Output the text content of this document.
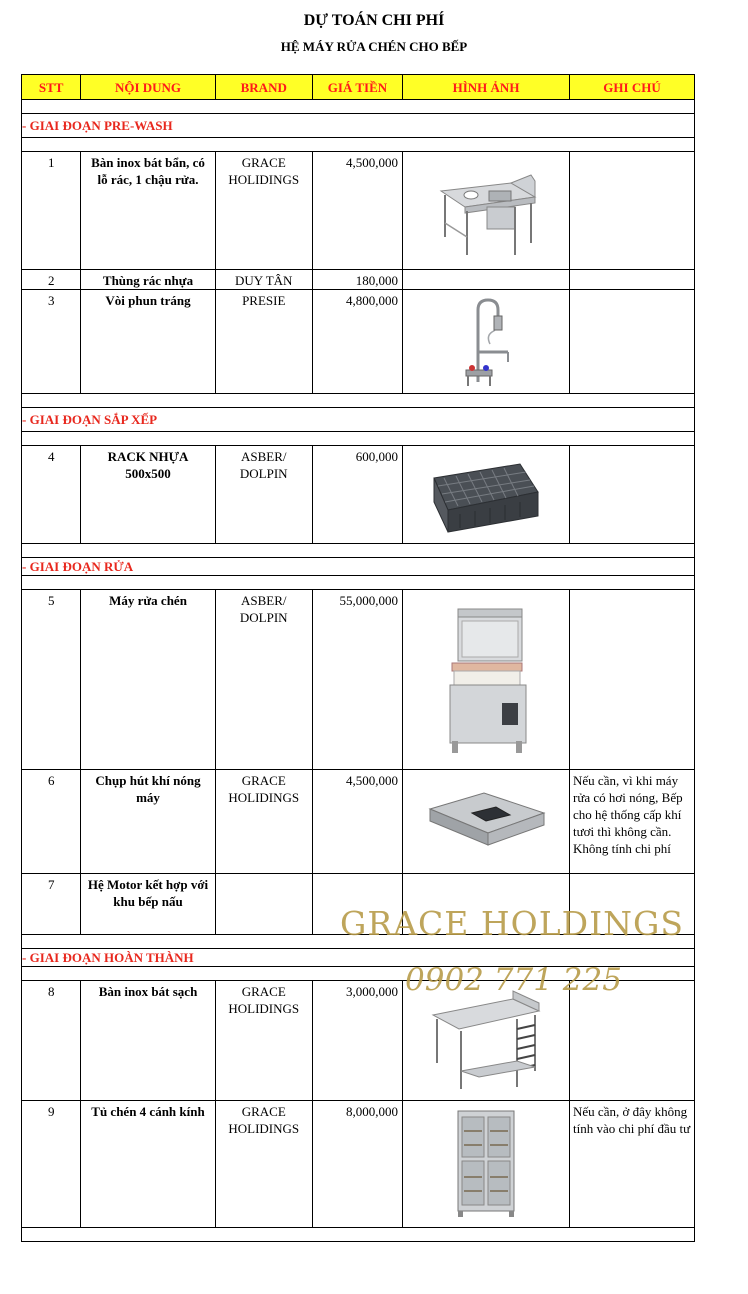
DỰ TOÁN CHI PHÍ
HỆ MÁY RỬA CHÉN CHO BẾP
STT	NỘI DUNG	BRAND	GIÁ TIỀN	HÌNH ẢNH	GHI CHÚ

- GIAI ĐOẠN PRE-WASH					

1	Bàn inox bát bẩn, có lỗ rác, 1 chậu rửa.	GRACE HOLIDINGS	4,500,000	

2	Thùng rác nhựa	DUY TÂN	180,000		
3	Vòi phun tráng	PRESIE	4,800,000	

- GIAI ĐOẠN SẮP XẾP					

4	RACK NHỰA 500x500	ASBER/ DOLPIN	600,000	

- GIAI ĐOẠN RỬA					

5	Máy rửa chén	ASBER/ DOLPIN	55,000,000	

6	Chụp hút khí nóng máy	GRACE HOLIDINGS	4,500,000		Nếu cần, vì khi máy rửa có hơi nóng, Bếp cho hệ thống cấp khí tươi thì không cần. Không tính chi phí
7	Hệ Motor kết hợp với khu bếp nấu				

- GIAI ĐOẠN HOÀN THÀNH					

8	Bàn inox bát sạch	GRACE HOLIDINGS	3,000,000	

9	Tủ chén 4 cánh kính	GRACE HOLIDINGS	8,000,000		Nếu cần, ở đây không tính vào chi phí đầu tư

GRACE HOLDINGS
0902 771 225
